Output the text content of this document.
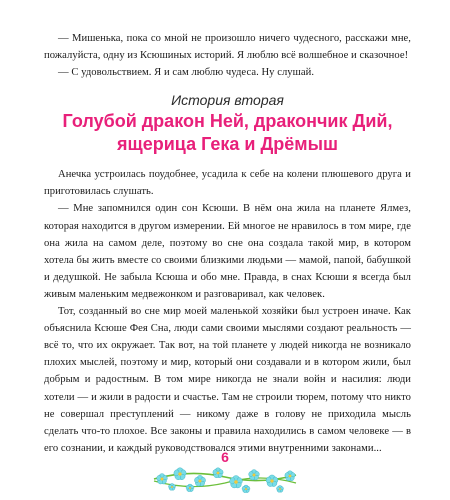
— Мишенька, пока со мной не произошло ничего чудесного, расскажи мне, пожалуйста, одну из Ксюшиных историй. Я люблю всё волшебное и сказочное!

— С удовольствием. Я и сам люблю чудеса. Ну слушай.

История вторая
Голубой дракон Ней, дракончик Дий,
ящерица Гека и Дрёмыш

Анечка устроилась поудобнее, усадила к себе на колени плюшевого друга и приготовилась слушать.

— Мне запомнился один сон Ксюши. В нём она жила на планете Ялмез, которая находится в другом измерении. Ей многое не нравилось в том мире, где она жила на самом деле, поэтому во сне она создала такой мир, в котором хотела бы жить вместе со своими близкими людьми — мамой, папой, бабушкой и дедушкой. Не забыла Ксюша и обо мне. Правда, в снах Ксюши я всегда был живым маленьким медвежонком и разговаривал, как человек.

Тот, созданный во сне мир моей маленькой хозяйки был устроен иначе. Как объяснила Ксюше Фея Сна, люди сами своими мыслями создают реальность — всё то, что их окружает. Так вот, на той планете у людей никогда не возникало плохих мыслей, поэтому и мир, который они создавали и в котором жили, был добрым и радостным. В том мире никогда не знали войн и насилия: люди хотели — и жили в радости и счастье. Там не строили тюрем, потому что никто не совершал преступлений — никому даже в голову не приходила мысль сделать что-то плохое. Все законы и правила находились в самом человеке — в его сознании, и каждый руководствовался этими внутренними законами...

6
